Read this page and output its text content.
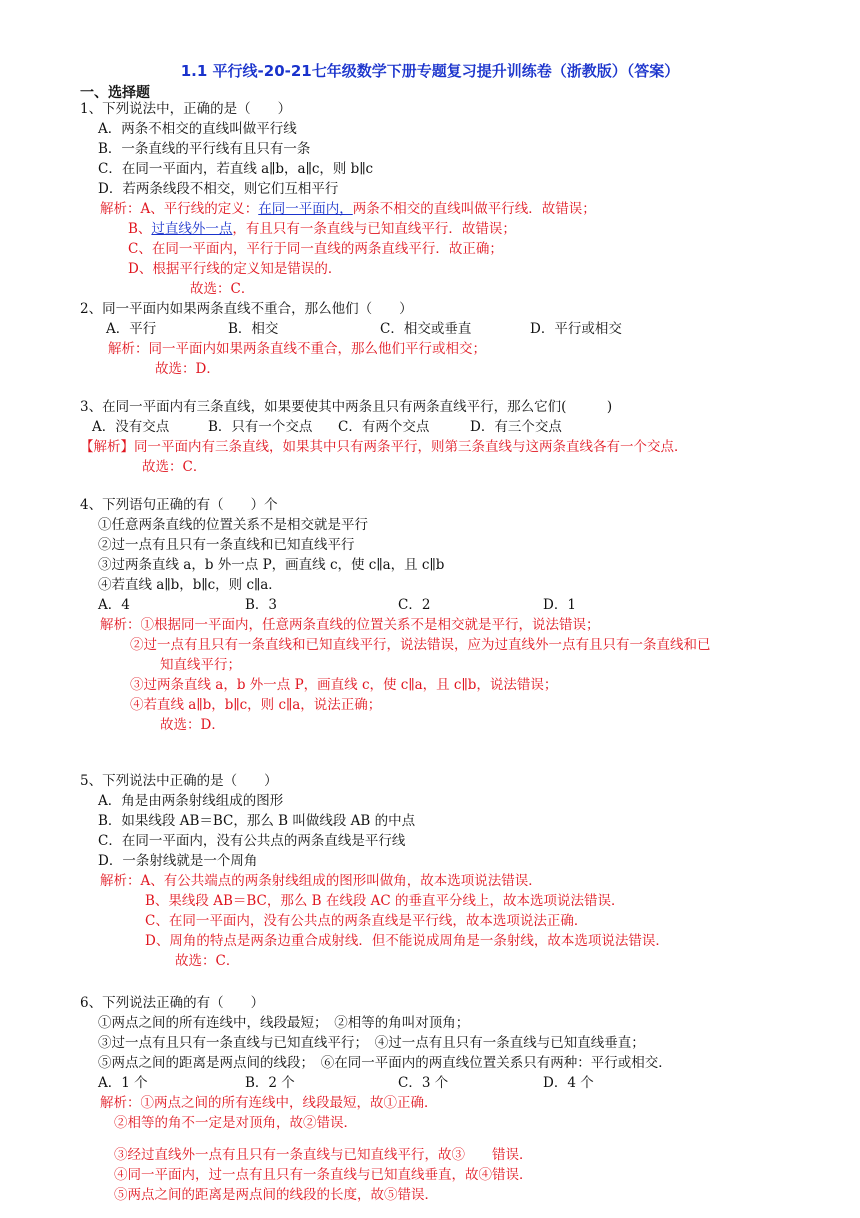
1.1 平行线-20-21七年级数学下册专题复习提升训练卷（浙教版）（答案）
一、选择题
1、下列说法中，正确的是（　　）
A．两条不相交的直线叫做平行线
B．一条直线的平行线有且只有一条
C．在同一平面内，若直线 a∥b，a∥c，则 b∥c
D．若两条线段不相交，则它们互相平行
解析：A、平行线的定义：在同一平面内，两条不相交的直线叫做平行线．故错误；
B、过直线外一点，有且只有一条直线与已知直线平行．故错误；
C、在同一平面内，平行于同一直线的两条直线平行．故正确；
D、根据平行线的定义知是错误的．
故选：C．
2、同一平面内如果两条直线不重合，那么他们（　　）
A．平行	B．相交	C．相交或垂直	D．平行或相交
解析：同一平面内如果两条直线不重合，那么他们平行或相交；
故选：D．
3、在同一平面内有三条直线，如果要使其中两条且只有两条直线平行，那么它们(　　　)
A．没有交点	B．只有一个交点 C．有两个交点	D．有三个交点
【解析】同一平面内有三条直线，如果其中只有两条平行，则第三条直线与这两条直线各有一个交点．
故选：C．
4、下列语句正确的有（　　）个
①任意两条直线的位置关系不是相交就是平行
②过一点有且只有一条直线和已知直线平行
③过两条直线 a，b 外一点 P，画直线 c，使 c∥a，且 c∥b
④若直线 a∥b，b∥c，则 c∥a．
A．4	B．3	C．2	D．1
解析：①根据同一平面内，任意两条直线的位置关系不是相交就是平行，说法错误；
②过一点有且只有一条直线和已知直线平行，说法错误，应为过直线外一点有且只有一条直线和已
知直线平行；
③过两条直线 a，b 外一点 P，画直线 c，使 c∥a，且 c∥b，说法错误；
④若直线 a∥b，b∥c，则 c∥a，说法正确；
故选：D．
5、下列说法中正确的是（　　）
A．角是由两条射线组成的图形
B．如果线段 AB＝BC，那么 B 叫做线段 AB 的中点
C．在同一平面内，没有公共点的两条直线是平行线
D．一条射线就是一个周角
解析：A、有公共端点的两条射线组成的图形叫做角，故本选项说法错误．
B、果线段 AB＝BC，那么 B 在线段 AC 的垂直平分线上，故本选项说法错误．
C、在同一平面内，没有公共点的两条直线是平行线，故本选项说法正确．
D、周角的特点是两条边重合成射线．但不能说成周角是一条射线，故本选项说法错误．
故选：C．
6、下列说法正确的有（　　）
①两点之间的所有连线中，线段最短；　②相等的角叫对顶角；
③过一点有且只有一条直线与已知直线平行；　④过一点有且只有一条直线与已知直线垂直；
⑤两点之间的距离是两点间的线段；　⑥在同一平面内的两直线位置关系只有两种：平行或相交．
A．1 个	B．2 个	C．3 个	D．4 个
解析：①两点之间的所有连线中，线段最短，故①正确．
②相等的角不一定是对顶角，故②错误．
③经过直线外一点有且只有一条直线与已知直线平行，故③　　错误．
④同一平面内，过一点有且只有一条直线与已知直线垂直，故④错误．
⑤两点之间的距离是两点间的线段的长度，故⑤错误．
